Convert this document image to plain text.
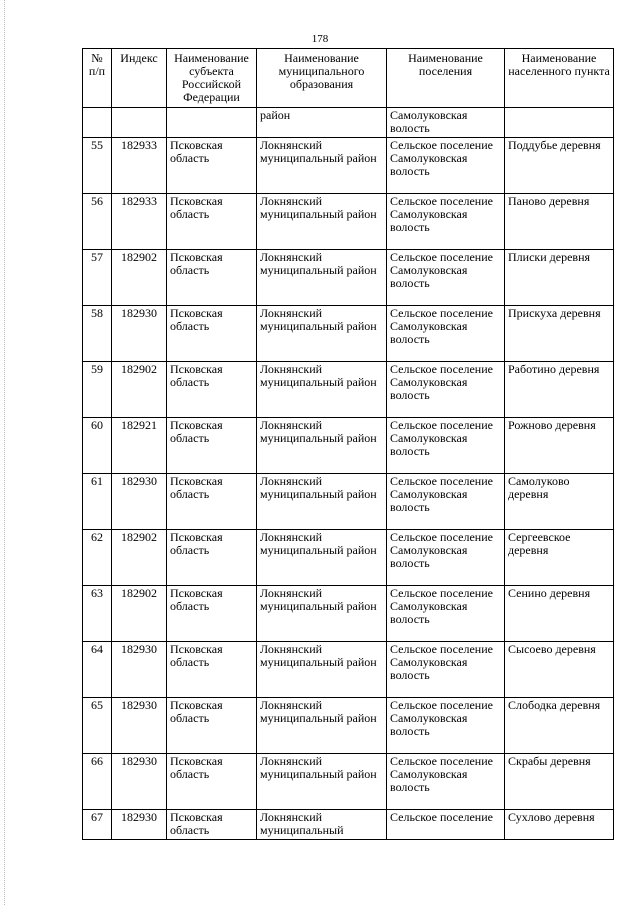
178
№ п/п	Индекс	Наименование субъекта Российской Федерации	Наименование муниципального образования	Наименование поселения	Наименование населенного пункта
			район	Самолуковская волость	
55	182933	Псковская область	Локнянский муниципальный район	Сельское поселение Самолуковская волость	Поддубье деревня
56	182933	Псковская область	Локнянский муниципальный район	Сельское поселение Самолуковская волость	Паново деревня
57	182902	Псковская область	Локнянский муниципальный район	Сельское поселение Самолуковская волость	Плиски деревня
58	182930	Псковская область	Локнянский муниципальный район	Сельское поселение Самолуковская волость	Прискуха деревня
59	182902	Псковская область	Локнянский муниципальный район	Сельское поселение Самолуковская волость	Работино деревня
60	182921	Псковская область	Локнянский муниципальный район	Сельское поселение Самолуковская волость	Рожново деревня
61	182930	Псковская область	Локнянский муниципальный район	Сельское поселение Самолуковская волость	Самолуково деревня
62	182902	Псковская область	Локнянский муниципальный район	Сельское поселение Самолуковская волость	Сергеевское деревня
63	182902	Псковская область	Локнянский муниципальный район	Сельское поселение Самолуковская волость	Сенино деревня
64	182930	Псковская область	Локнянский муниципальный район	Сельское поселение Самолуковская волость	Сысоево деревня
65	182930	Псковская область	Локнянский муниципальный район	Сельское поселение Самолуковская волость	Слободка деревня
66	182930	Псковская область	Локнянский муниципальный район	Сельское поселение Самолуковская волость	Скрабы деревня
67	182930	Псковская область	Локнянский муниципальный	Сельское поселение	Сухлово деревня
